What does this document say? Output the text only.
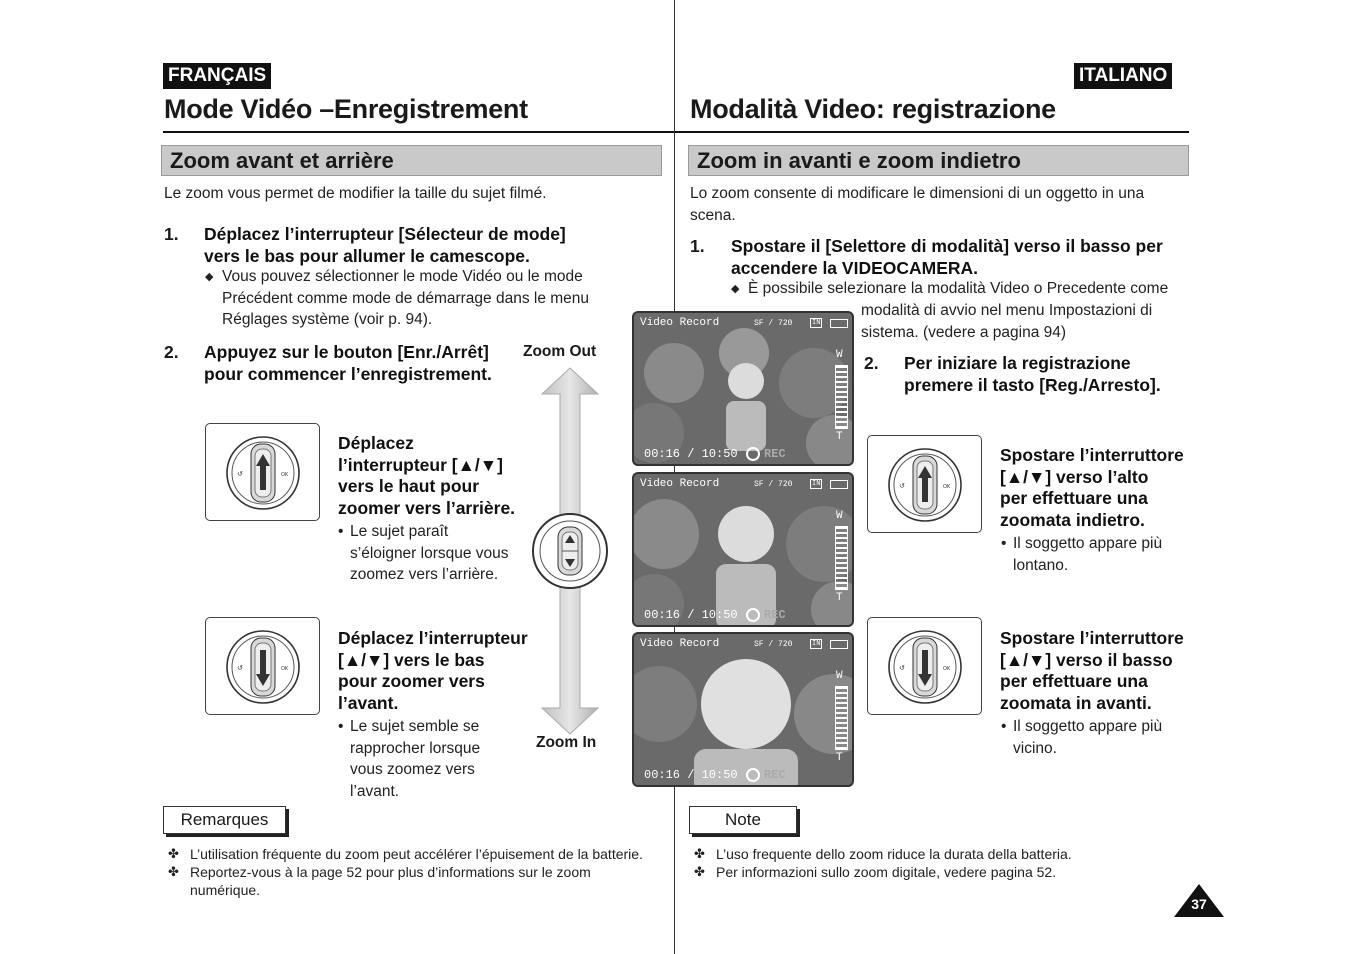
FRANÇAIS
Mode Vidéo –Enregistrement
Zoom avant et arrière
Le zoom vous permet de modifier la taille du sujet filmé.
1. Déplacez l’interrupteur [Sélecteur de mode]
vers le bas pour allumer le camescope.
◆ Vous pouvez sélectionner le mode Vidéo ou le mode
Précédent comme mode de démarrage dans le menu
Réglages système (voir p. 94).
2. Appuyez sur le bouton [Enr./Arrêt]
pour commencer l’enregistrement.
↺	OK
Déplacez
l’interrupteur [▲/▼]
vers le haut pour
zoomer vers l’arrière.
• Le sujet paraît
s’éloigner lorsque vous
zoomez vers l’arrière.
↺	OK
Déplacez l’interrupteur
[▲/▼] vers le bas
pour zoomer vers
l’avant.
• Le sujet semble se
rapprocher lorsque
vous zoomez vers
l’avant.
Zoom Out
Zoom In
Video Record	SF / 720	IN
W
T
00:16 / 10:50 REC
Video Record	SF / 720	IN
W
T
00:16 / 10:50 REC
Video Record	SF / 720	IN
W
T
00:16 / 10:50 REC
Remarques
✤ L’utilisation fréquente du zoom peut accélérer l’épuisement de la batterie.
✤ Reportez-vous à la page 52 pour plus d’informations sur le zoom
numérique.
ITALIANO
Modalità Video: registrazione
Zoom in avanti e zoom indietro
Lo zoom consente di modificare le dimensioni di un oggetto in una
scena.
1. Spostare il [Selettore di modalità] verso il basso per
accendere la VIDEOCAMERA.
◆ È possibile selezionare la modalità Video o Precedente come
modalità di avvio nel menu Impostazioni di
sistema. (vedere a pagina 94)
2. Per iniziare la registrazione
premere il tasto [Reg./Arresto].
↺	OK
Spostare l’interruttore
[▲/▼] verso l’alto
per effettuare una
zoomata indietro.
• Il soggetto appare più
lontano.
↺	OK
Spostare l’interruttore
[▲/▼] verso il basso
per effettuare una
zoomata in avanti.
• Il soggetto appare più
vicino.
Note
✤ L’uso frequente dello zoom riduce la durata della batteria.
✤ Per informazioni sullo zoom digitale, vedere pagina 52.
37
